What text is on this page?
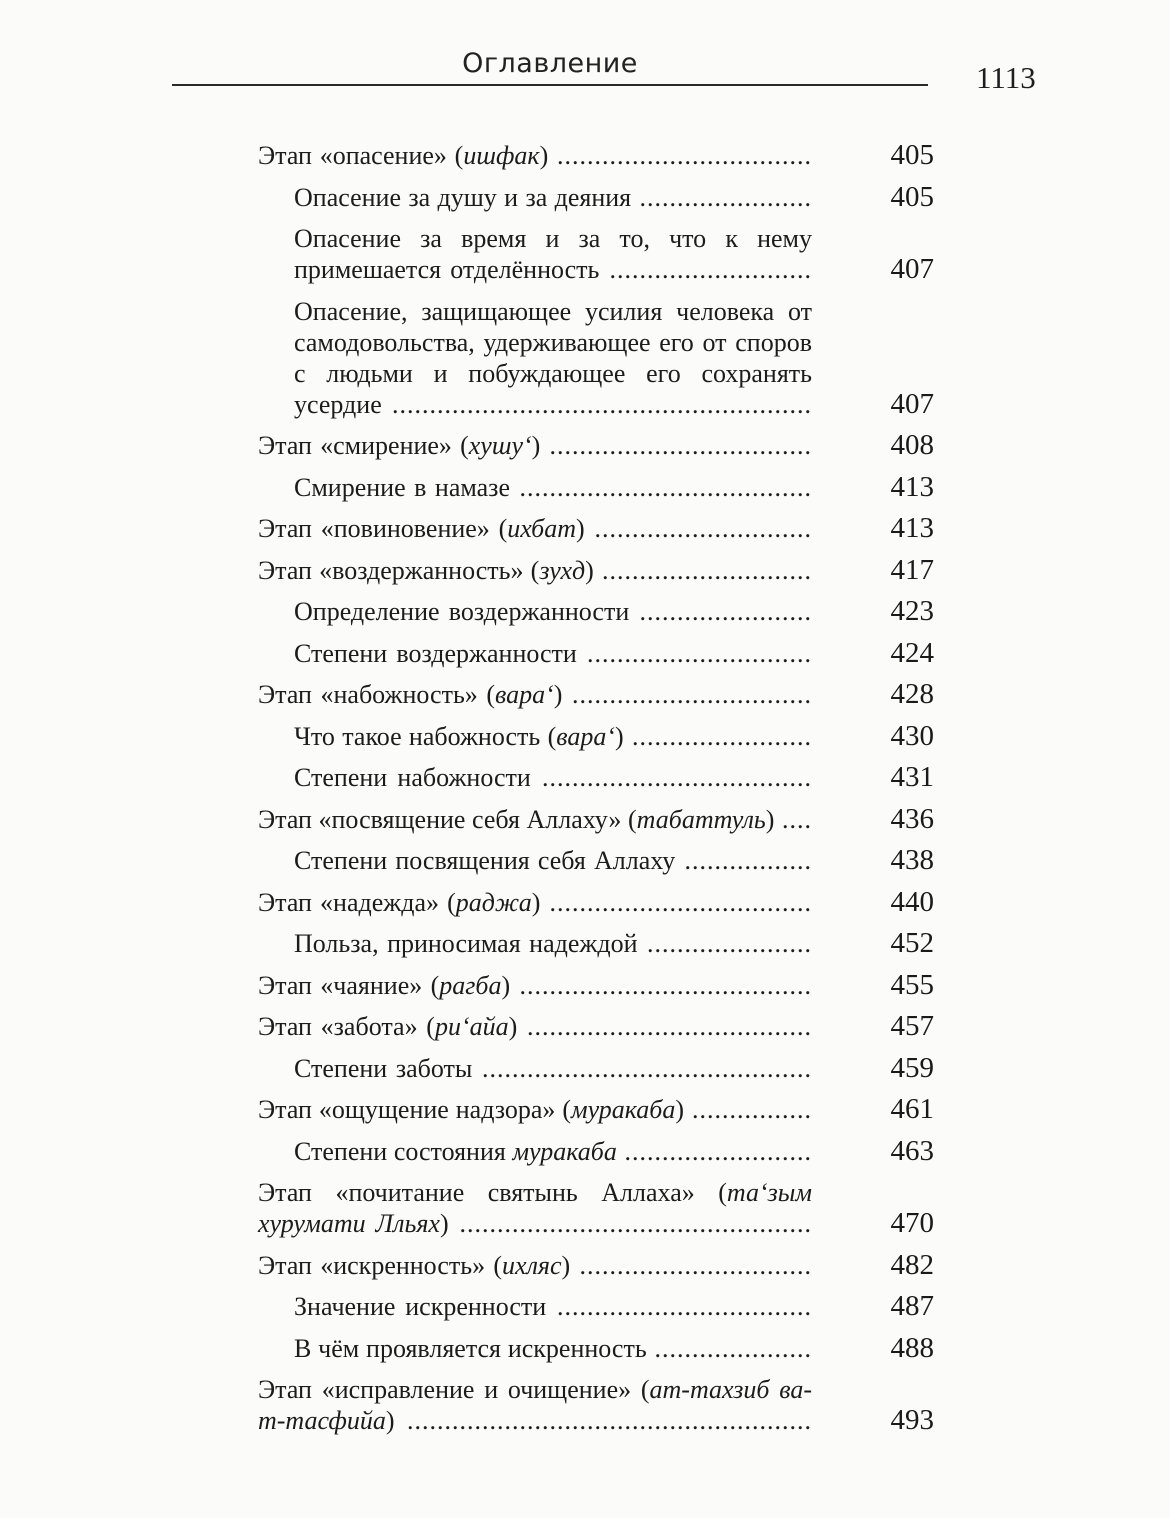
Оглавление	1113
Этап «опасение» (ишфак) ..................................	405
Опасение за душу и за деяния .......................	405
Опасение за время и за то, что к нему примешается отделённость ...........................	407
Опасение, защищающее усилия человека от самодовольства, удерживающее его от споров с людьми и побуждающее его сохранять усердие ........................................................	407
Этап «смирение» (хушу‘) ...................................	408
Смирение в намазе .......................................	413
Этап «повиновение» (ихбат) .............................	413
Этап «воздержанность» (зухд) ............................	417
Определение воздержанности .......................	423
Степени воздержанности ..............................	424
Этап «набожность» (вара‘) ................................	428
Что такое набожность (вара‘) ........................	430
Степени набожности ....................................	431
Этап «посвящение себя Аллаху» (табаттуль) ....	436
Степени посвящения себя Аллаху .................	438
Этап «надежда» (раджа) ...................................	440
Польза, приносимая надеждой ......................	452
Этап «чаяние» (рагба) .......................................	455
Этап «забота» (ри‘айа) ......................................	457
Степени заботы ............................................	459
Этап «ощущение надзора» (муракаба) ................	461
Степени состояния муракаба .........................	463
Этап «почитание святынь Аллаха» (та‘зым хурумати Лльях) ...............................................	470
Этап «искренность» (ихляс) ...............................	482
Значение искренности ..................................	487
В чём проявляется искренность .....................	488
Этап «исправление и очищение» (ат-тахзиб ва-т-тасфийа) ......................................................	493
